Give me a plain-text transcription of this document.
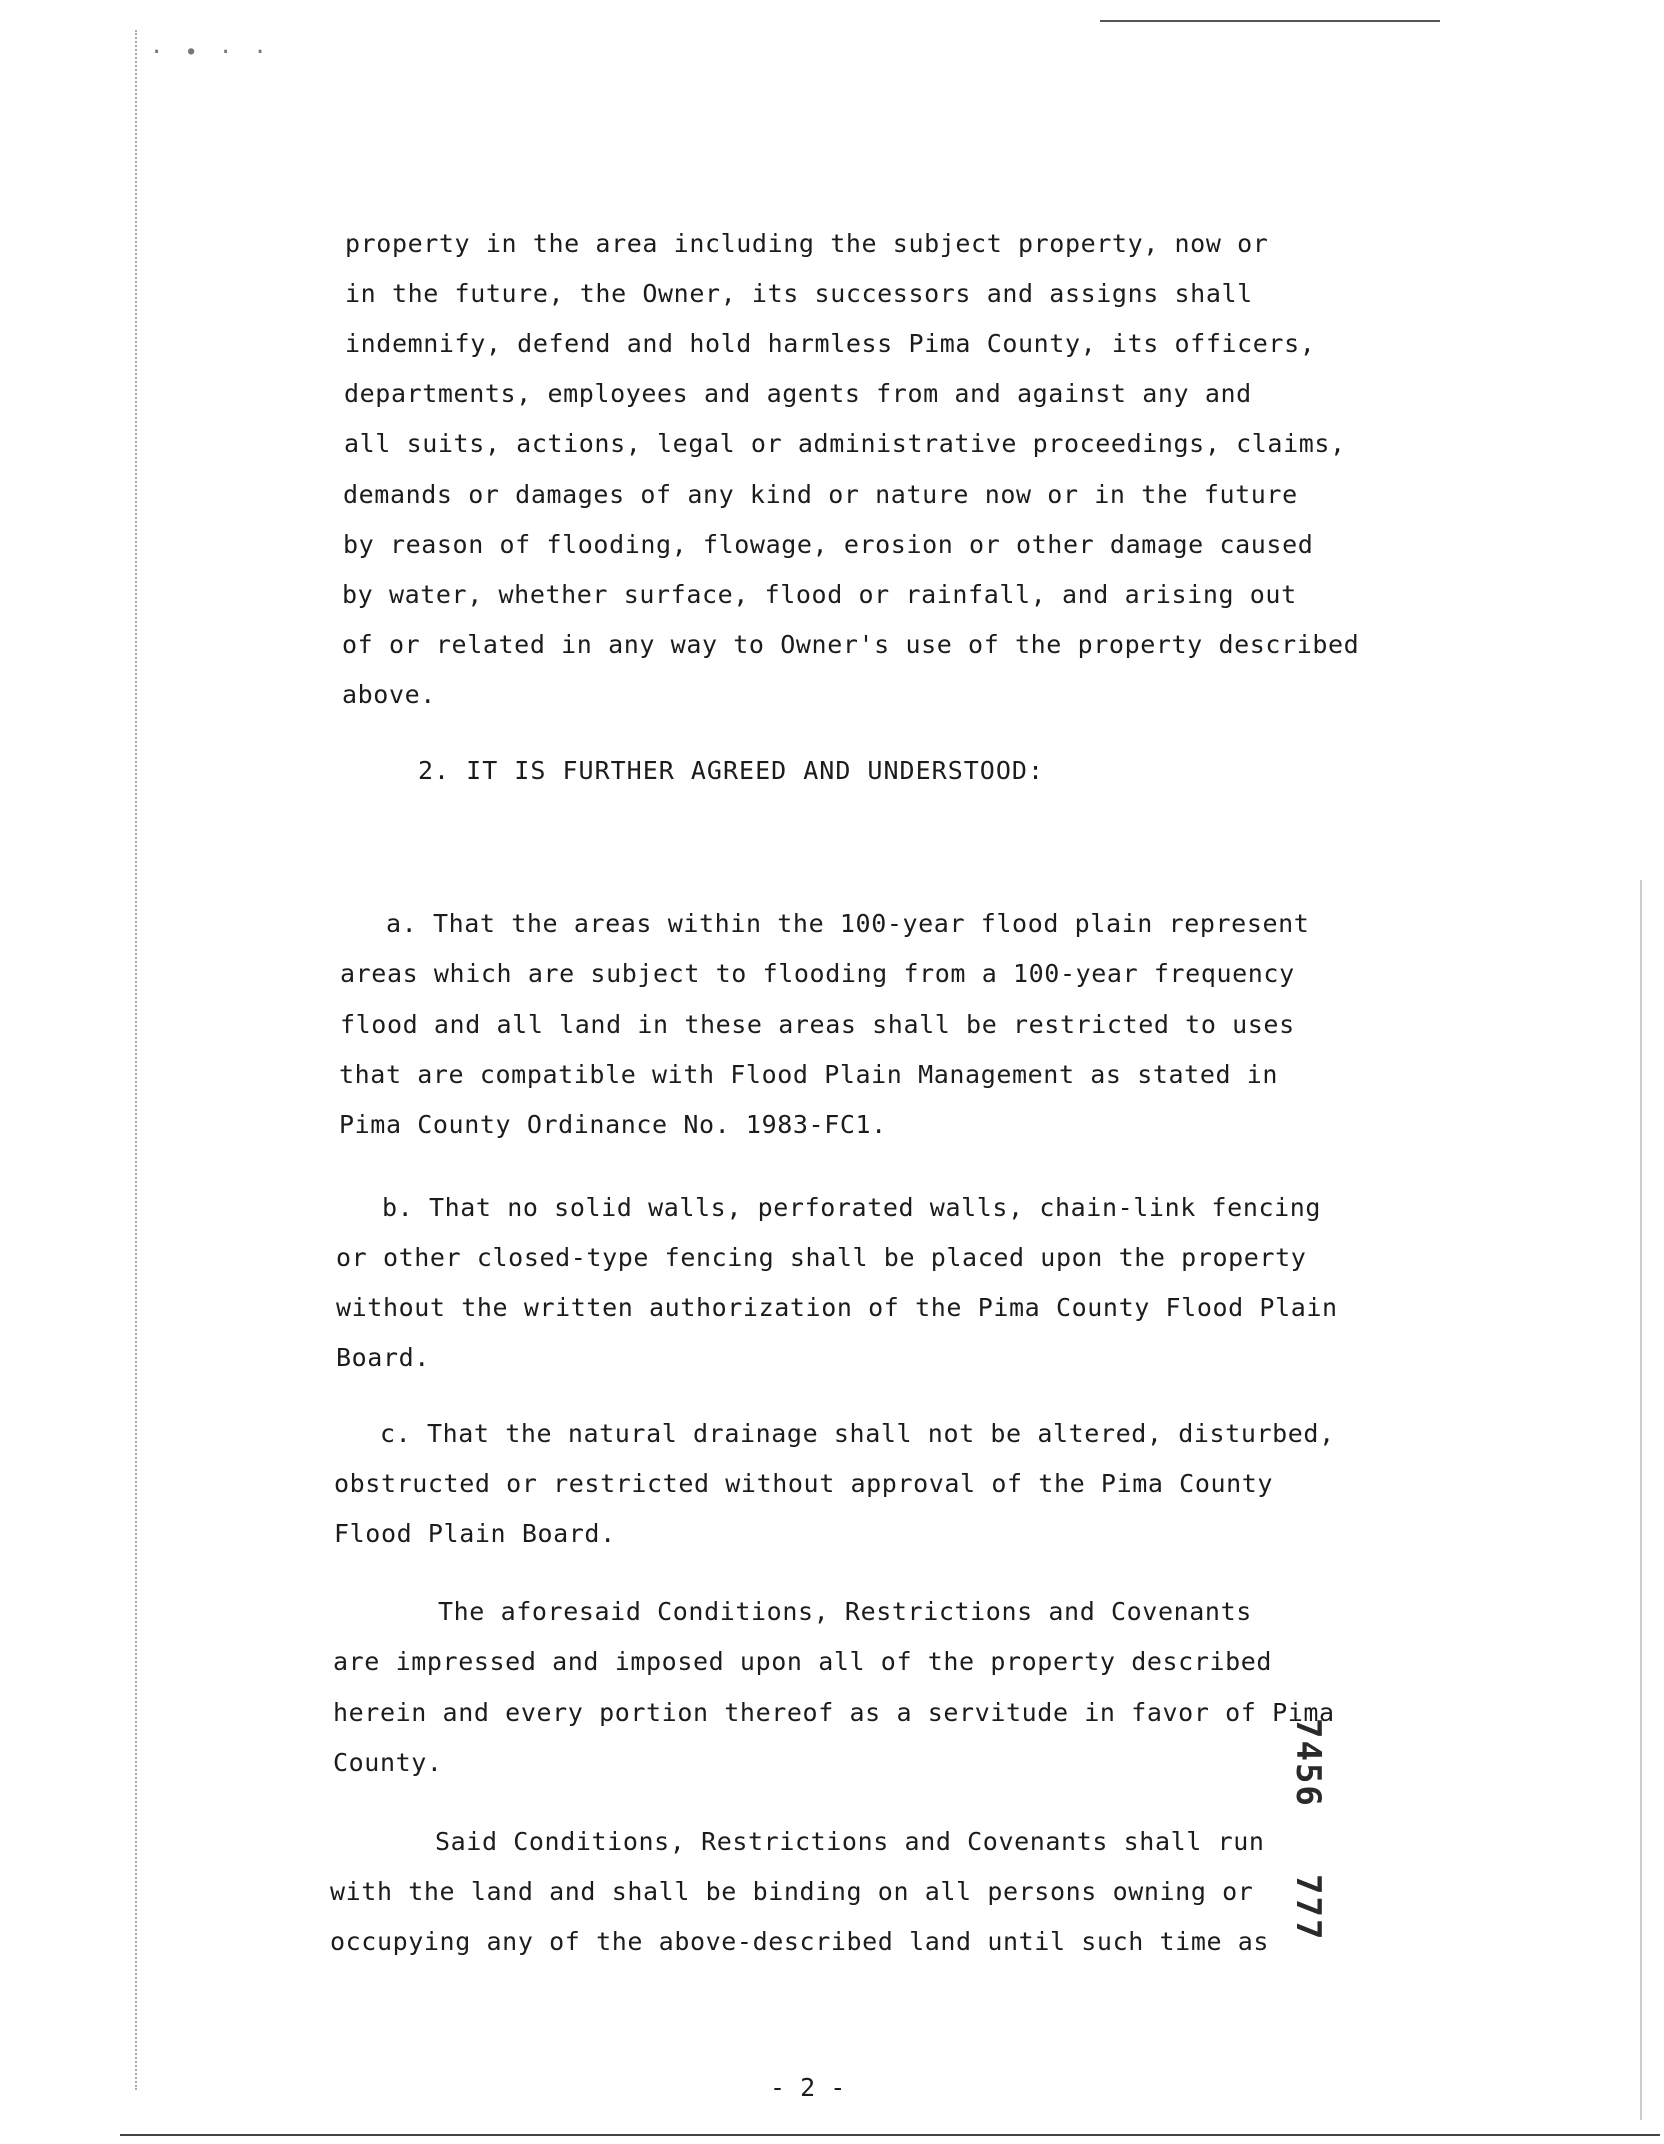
· ∙ · ·
property in the area including the subject property, now or
in the future, the Owner, its successors and assigns shall
indemnify, defend and hold harmless Pima County, its officers,
departments, employees and agents from and against any and
all suits, actions, legal or administrative proceedings, claims,
demands or damages of any kind or nature now or in the future
by reason of flooding, flowage, erosion or other damage caused
by water, whether surface, flood or rainfall, and arising out
of or related in any way to Owner's use of the property described
above.
2. IT IS FURTHER AGREED AND UNDERSTOOD:
a. That the areas within the 100-year flood plain represent
areas which are subject to flooding from a 100-year frequency
flood and all land in these areas shall be restricted to uses
that are compatible with Flood Plain Management as stated in
Pima County Ordinance No. 1983-FC1.
b. That no solid walls, perforated walls, chain-link fencing
or other closed-type fencing shall be placed upon the property
without the written authorization of the Pima County Flood Plain
Board.
c. That the natural drainage shall not be altered, disturbed,
obstructed or restricted without approval of the Pima County
Flood Plain Board.
The aforesaid Conditions, Restrictions and Covenants
are impressed and imposed upon all of the property described
herein and every portion thereof as a servitude in favor of Pima
County.
Said Conditions, Restrictions and Covenants shall run
with the land and shall be binding on all persons owning or
occupying any of the above-described land until such time as
7456
777
- 2 -
